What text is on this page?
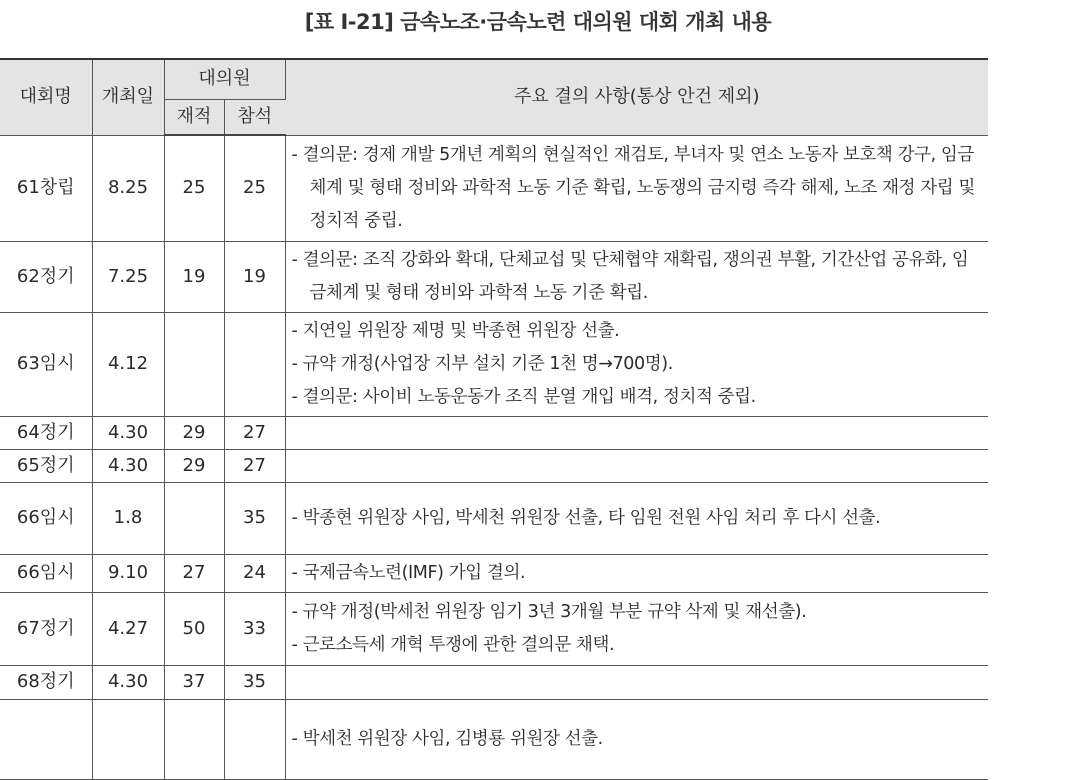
[표 Ⅰ-21] 금속노조·금속노련 대의원 대회 개최 내용
대회명	개최일	대의원		주요 결의 사항(통상 안건 제외)
		재적	참석	
61창립	8.25	25	25	- 결의문: 경제 개발 5개년 계획의 현실적인 재검토, 부녀자 및 연소 노동자 보호책 강구, 임금체계 및 형태 정비와 과학적 노동 기준 확립, 노동쟁의 금지령 즉각 해제, 노조 재정 자립 및 정치적 중립.

62정기	7.25	19	19	- 결의문: 조직 강화와 확대, 단체교섭 및 단체협약 재확립, 쟁의권 부활, 기간산업 공유화, 임금체계 및 형태 정비와 과학적 노동 기준 확립.

63임시	4.12			- 지연일 위원장 제명 및 박종현 위원장 선출.
- 규약 개정(사업장 지부 설치 기준 1천 명→700명).
- 결의문: 사이비 노동운동가 조직 분열 개입 배격, 정치적 중립.

64정기	4.30	29	27	
65정기	4.30	29	27	
66임시	1.8		35	- 박종현 위원장 사임, 박세천 위원장 선출, 타 임원 전원 사임 처리 후 다시 선출.

66임시	9.10	27	24	- 국제금속노련(IMF) 가입 결의.

67정기	4.27	50	33	- 규약 개정(박세천 위원장 임기 3년 3개월 부분 규약 삭제 및 재선출).
- 근로소득세 개혁 투쟁에 관한 결의문 채택.

68정기	4.30	37	35	

				- 박세천 위원장 사임, 김병룡 위원장 선출.
